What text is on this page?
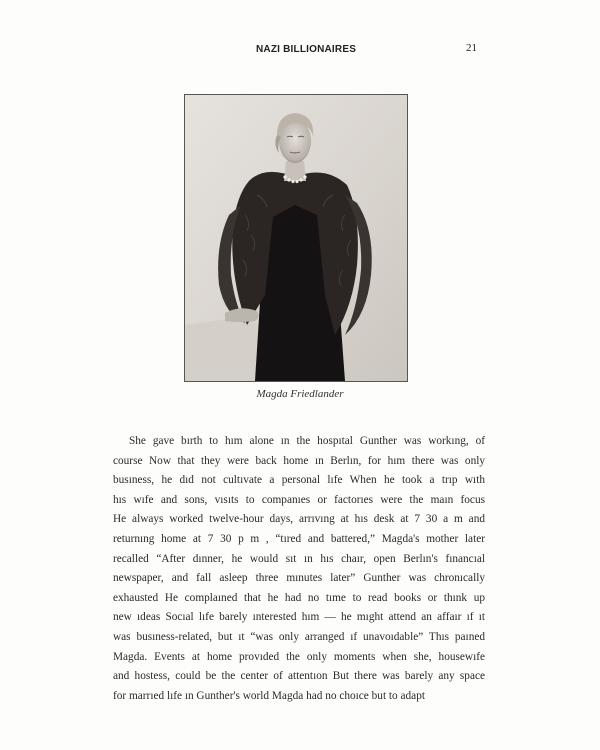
NAZI BILLIONAIRES	21
Magda Friedlander
She gave bırth to hım alone ın the hospıtal Gunther was workıng, of
course Now that they were back home ın Berlın, for hım there was only
busıness, he dıd not cultıvate a personal lıfe When he took a trıp wıth
hıs wıfe and sons, vısıts to companıes or factorıes were the maın focus
He always worked twelve-hour days, arrıvıng at hıs desk at 7 30 a m and
returnıng home at 7 30 p m , “tıred and battered,” Magda's mother later
recalled “After dınner, he would sıt ın hıs chaır, open Berlın's fınancıal
newspaper, and fall asleep three mınutes later” Gunther was chronıcally
exhausted He complaıned that he had no tıme to read books or thınk up
new ıdeas Socıal lıfe barely ınterested hım — he mıght attend an affaır ıf ıt
was busıness-related, but ıt “was only arranged ıf unavoıdable” Thıs paıned
Magda. Events at home provıded the only moments when she, housewıfe
and hostess, could be the center of attentıon But there was barely any space
for marrıed lıfe ın Gunther's world Magda had no choıce but to adapt
